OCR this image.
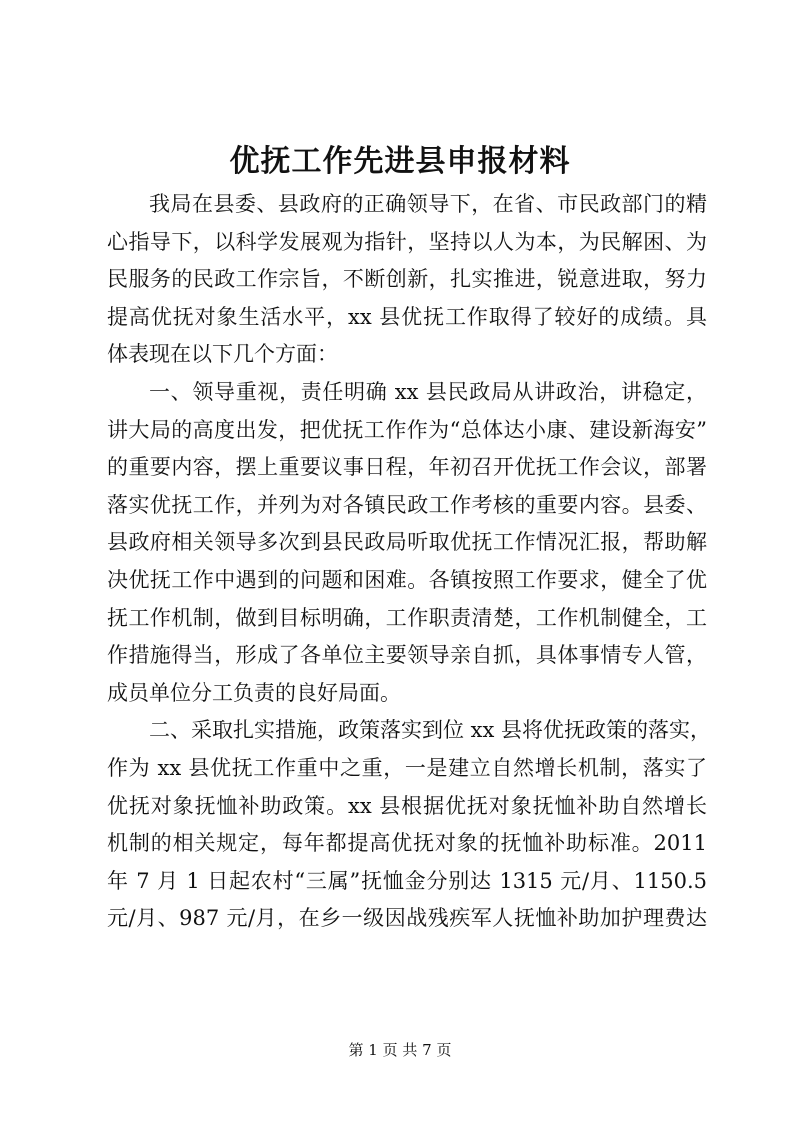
优抚工作先进县申报材料

我局在县委、县政府的正确领导下，在省、市民政部门的精

心指导下，以科学发展观为指针，坚持以人为本，为民解困、为

民服务的民政工作宗旨，不断创新，扎实推进，锐意进取，努力

提高优抚对象生活水平，xx 县优抚工作取得了较好的成绩。具

体表现在以下几个方面：

一、领导重视，责任明确 xx 县民政局从讲政治，讲稳定，

讲大局的高度出发，把优抚工作作为“总体达小康、建设新海安”

的重要内容，摆上重要议事日程，年初召开优抚工作会议，部署

落实优抚工作，并列为对各镇民政工作考核的重要内容。县委、

县政府相关领导多次到县民政局听取优抚工作情况汇报，帮助解

决优抚工作中遇到的问题和困难。各镇按照工作要求，健全了优

抚工作机制，做到目标明确，工作职责清楚，工作机制健全，工

作措施得当，形成了各单位主要领导亲自抓，具体事情专人管，

成员单位分工负责的良好局面。

二、采取扎实措施，政策落实到位 xx 县将优抚政策的落实，

作为 xx 县优抚工作重中之重，一是建立自然增长机制，落实了

优抚对象抚恤补助政策。xx 县根据优抚对象抚恤补助自然增长

机制的相关规定，每年都提高优抚对象的抚恤补助标准。2011

年 7 月 1 日起农村“三属”抚恤金分别达 1315 元/月、1150.5

元/月、987 元/月，在乡一级因战残疾军人抚恤补助加护理费达

第 1 页 共 7 页
